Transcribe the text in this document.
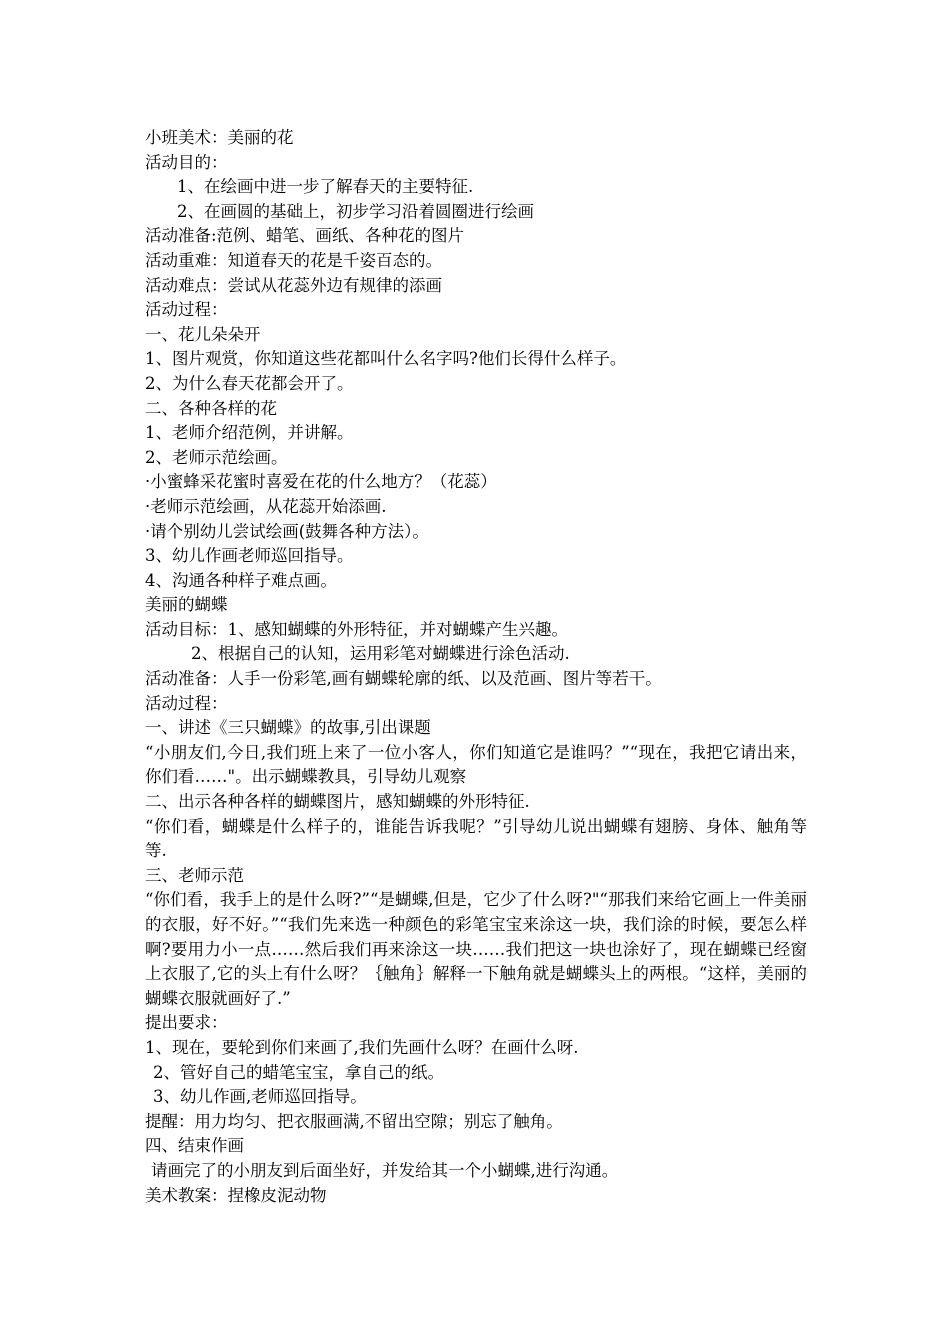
小班美术：美丽的花
活动目的：
1、在绘画中进一步了解春天的主要特征.
2、在画圆的基础上，初步学习沿着圆圈进行绘画
活动准备:范例、蜡笔、画纸、各种花的图片
活动重难：知道春天的花是千姿百态的。
活动难点：尝试从花蕊外边有规律的添画
活动过程：
一、花儿朵朵开
1、图片观赏，你知道这些花都叫什么名字吗?他们长得什么样子。
2、为什么春天花都会开了。
二、各种各样的花
1、老师介绍范例，并讲解。
2、老师示范绘画。
·小蜜蜂采花蜜时喜爱在花的什么地方？（花蕊）
·老师示范绘画，从花蕊开始添画.
·请个别幼儿尝试绘画(鼓舞各种方法）。
3、幼儿作画老师巡回指导。
4、沟通各种样子难点画。
美丽的蝴蝶
活动目标：1、感知蝴蝶的外形特征，并对蝴蝶产生兴趣。
2、根据自己的认知，运用彩笔对蝴蝶进行涂色活动.
活动准备：人手一份彩笔,画有蝴蝶轮廓的纸、以及范画、图片等若干。
活动过程：
一、讲述《三只蝴蝶》的故事,引出课题
“小朋友们,今日,我们班上来了一位小客人，你们知道它是谁吗？”“现在，我把它请出来，你们看……"。出示蝴蝶教具，引导幼儿观察
二、出示各种各样的蝴蝶图片，感知蝴蝶的外形特征.
“你们看，蝴蝶是什么样子的，谁能告诉我呢？”引导幼儿说出蝴蝶有翅膀、身体、触角等等.
三、老师示范
“你们看，我手上的是什么呀?”“是蝴蝶,但是，它少了什么呀?"“那我们来给它画上一件美丽的衣服，好不好。”“我们先来选一种颜色的彩笔宝宝来涂这一块，我们涂的时候，要怎么样啊?要用力小一点……然后我们再来涂这一块……我们把这一块也涂好了，现在蝴蝶已经窗上衣服了,它的头上有什么呀？｛触角｝解释一下触角就是蝴蝶头上的两根。“这样，美丽的蝴蝶衣服就画好了.”
提出要求：
1、现在，要轮到你们来画了,我们先画什么呀？在画什么呀.
2、管好自己的蜡笔宝宝，拿自己的纸。
3、幼儿作画,老师巡回指导。
提醒：用力均匀、把衣服画满,不留出空隙；别忘了触角。
四、结束作画
请画完了的小朋友到后面坐好，并发给其一个小蝴蝶,进行沟通。
美术教案：捏橡皮泥动物
